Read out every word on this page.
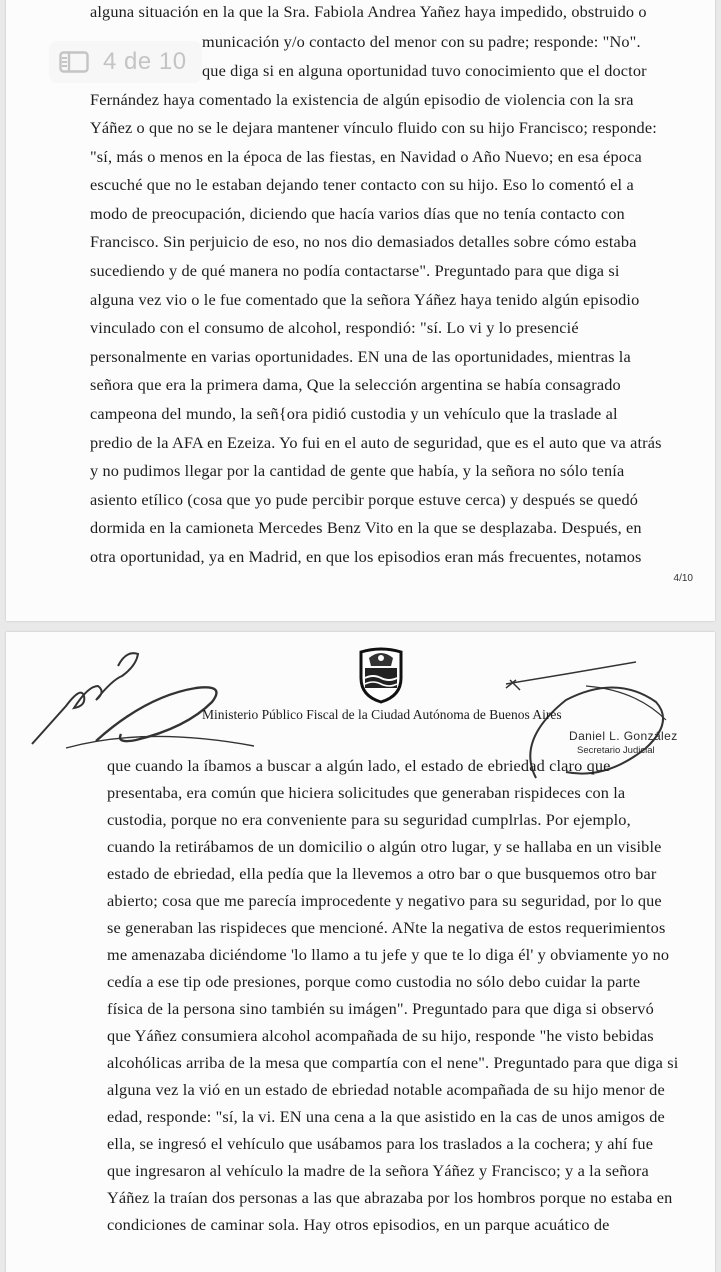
alguna situación en la que la Sra. Fabiola Andrea Yañez haya impedido, obstruido o
municación y/o contacto del menor con su padre; responde: "No".
que diga si en alguna oportunidad tuvo conocimiento que el doctor
Fernández haya comentado la existencia de algún episodio de violencia con la sra
Yáñez o que no se le dejara mantener vínculo fluido con su hijo Francisco; responde:
"sí, más o menos en la época de las fiestas, en Navidad o Año Nuevo; en esa época
escuché que no le estaban dejando tener contacto con su hijo. Eso lo comentó el a
modo de preocupación, diciendo que hacía varios días que no tenía contacto con
Francisco. Sin perjuicio de eso, no nos dio demasiados detalles sobre cómo estaba
sucediendo y de qué manera no podía contactarse". Preguntado para que diga si
alguna vez vio o le fue comentado que la señora Yáñez haya tenido algún episodio
vinculado con el consumo de alcohol, respondió: "sí. Lo vi y lo presencié
personalmente en varias oportunidades. EN una de las oportunidades, mientras la
señora que era la primera dama, Que la selección argentina se había consagrado
campeona del mundo, la señ{ora pidió custodia y un vehículo que la traslade al
predio de la AFA en Ezeiza. Yo fui en el auto de seguridad, que es el auto que va atrás
y no pudimos llegar por la cantidad de gente que había, y la señora no sólo tenía
asiento etílico (cosa que yo pude percibir porque estuve cerca) y después se quedó
dormida en la camioneta Mercedes Benz Vito en la que se desplazaba. Después, en
otra oportunidad, ya en Madrid, en que los episodios eran más frecuentes, notamos
4/10
4 de 10
Ministerio Público Fiscal de la Ciudad Autónoma de Buenos Aires
Daniel L. González
Secretario Judicial
que cuando la íbamos a buscar a algún lado, el estado de ebriedad claro que
presentaba, era común que hiciera solicitudes que generaban rispideces con la
custodia, porque no era conveniente para su seguridad cumplrlas. Por ejemplo,
cuando la retirábamos de un domicilio o algún otro lugar, y se hallaba en un visible
estado de ebriedad, ella pedía que la llevemos a otro bar o que busquemos otro bar
abierto; cosa que me parecía improcedente y negativo para su seguridad, por lo que
se generaban las rispideces que mencioné. ANte la negativa de estos requerimientos
me amenazaba diciéndome 'lo llamo a tu jefe y que te lo diga él' y obviamente yo no
cedía a ese tip ode presiones, porque como custodia no sólo debo cuidar la parte
física de la persona sino también su imágen". Preguntado para que diga si observó
que Yáñez consumiera alcohol acompañada de su hijo, responde "he visto bebidas
alcohólicas arriba de la mesa que compartía con el nene". Preguntado para que diga si
alguna vez la vió en un estado de ebriedad notable acompañada de su hijo menor de
edad, responde: "sí, la vi. EN una cena a la que asistido en la cas de unos amigos de
ella, se ingresó el vehículo que usábamos para los traslados a la cochera; y ahí fue
que ingresaron al vehículo la madre de la señora Yáñez y Francisco; y a la señora
Yáñez la traían dos personas a las que abrazaba por los hombros porque no estaba en
condiciones de caminar sola. Hay otros episodios, en un parque acuático de
